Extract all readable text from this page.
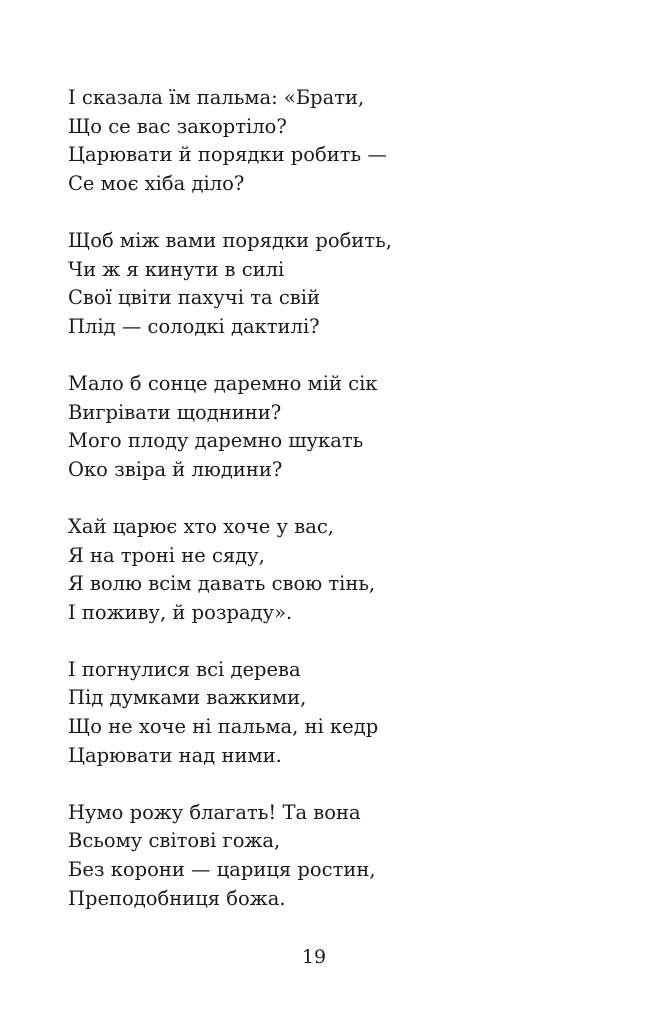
І сказала їм пальма: «Брати,
Що се вас закортіло?
Царювати й порядки робить —
Се моє хіба діло?
Щоб між вами порядки робить,
Чи ж я кинути в силі
Свої цвіти пахучі та свій
Плід — солодкі дактилі?
Мало б сонце даремно мій сік
Вигрівати щоднини?
Мого плоду даремно шукать
Око звіра й людини?
Хай царює хто хоче у вас,
Я на троні не сяду,
Я волю всім давать свою тінь,
І поживу, й розраду».
І погнулися всі дерева
Під думками важкими,
Що не хоче ні пальма, ні кедр
Царювати над ними.
Нумо рожу благать! Та вона
Всьому світові гожа,
Без корони — цариця ростин,
Преподобниця божа.
19
